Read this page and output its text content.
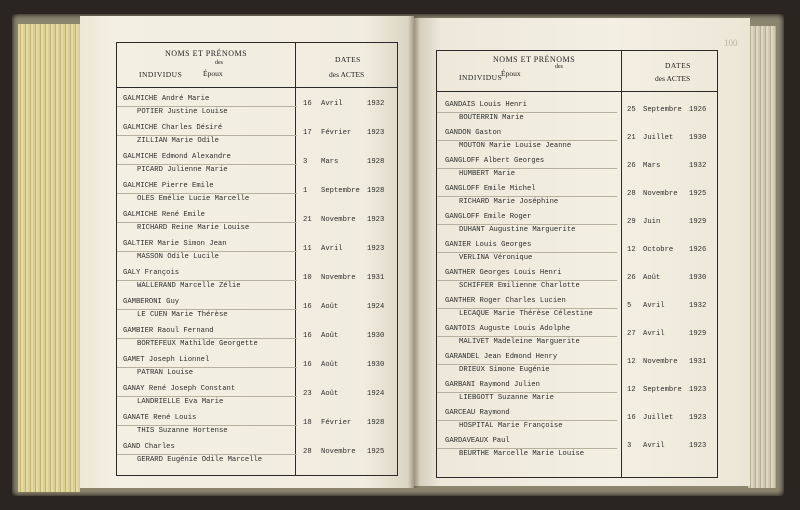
100
NOMS ET PRÉNOMS
des
INDIVIDUS	Époux
DATES
des ACTES
GALMICHE André Marie
POTIER Justine Louise
16 Avril	1932
GALMICHE Charles Désiré
ZILLIAN Marie Odile
17 Février 1923
GALMICHE Edmond Alexandre
PICARD Julienne Marie
3 Mars	1928
GALMICHE Pierre Emile
OLES Emélie Lucie Marcelle
1 Septembre 1928
GALMICHE René Emile
RICHARD Reine Marie Louise
21 Novembre 1923
GALTIER Marie Simon Jean
MASSON Odile Lucile
11 Avril	1923
GALY François
WALLERAND Marcelle Zélie
10 Novembre 1931
GAMBERONI Guy
LE CUEN Marie Thérèse
16 Août	1924
GAMBIER Raoul Fernand
BORTEFEUX Mathilde Georgette
16 Août	1930
GAMET Joseph Lionnel
PATRAN Louise
16 Août	1930
GANAY René Joseph Constant
LANDRIELLE Eva Marie
23 Août	1924
GANATE René Louis
THIS Suzanne Hortense
18 Février 1928
GAND Charles
GERARD Eugénie Odile Marcelle
28 Novembre 1925
NOMS ET PRÉNOMS
des
INDIVIDUS
Époux
DATES
des ACTES
GANDAIS Louis Henri
BOUTERRIN Marie
25 Septembre 1926
GANDON Gaston
MOUTON Marie Louise Jeanne
21 Juillet 1930
GANGLOFF Albert Georges
HUMBERT Marie
26 Mars	1932
GANGLOFF Emile Michel
RICHARD Marie Joséphine
28 Novembre 1925
GANGLOFF Emile Roger
DUHANT Augustine Marguerite
29 Juin	1929
GANIER Louis Georges
VERLINA Véronique
12 Octobre 1926
GANTHER Georges Louis Henri
SCHIFFER Emilienne Charlotte
26 Août	1930
GANTHER Roger Charles Lucien
LECAQUE Marie Thérèse Célestine
5 Avril	1932
GANTOIS Auguste Louis Adolphe
MALIVET Madeleine Marguerite
27 Avril	1929
GARANDEL Jean Edmond Henry
DRIEUX Simone Eugénie
12 Novembre 1931
GARBANI Raymond Julien
LIEBGOTT Suzanne Marie
12 Septembre 1923
GARCEAU Raymond
HOSPITAL Marie Françoise
16 Juillet 1923
GARDAVEAUX Paul
BEURTHE Marcelle Marie Louise
3 Avril	1923
